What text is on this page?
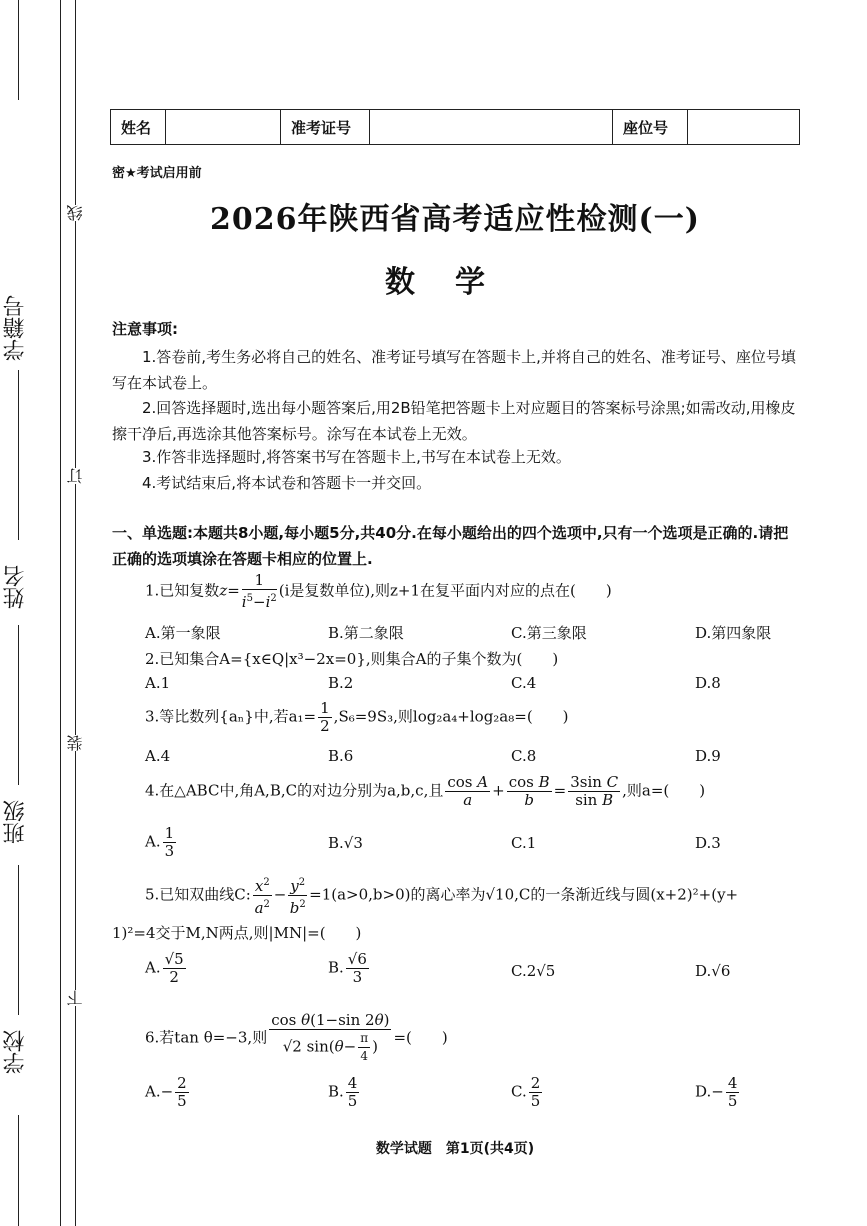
学籍号
姓名
班级
学校
线
订
装
下
姓名		准考证号		座位号	
密★考试启用前
2026年陕西省高考适应性检测(一)
数学
注意事项:
1.答卷前,考生务必将自己的姓名、准考证号填写在答题卡上,并将自己的姓名、准考证号、座位号填写在本试卷上。
2.回答选择题时,选出每小题答案后,用2B铅笔把答题卡上对应题目的答案标号涂黑;如需改动,用橡皮擦干净后,再选涂其他答案标号。涂写在本试卷上无效。
3.作答非选择题时,将答案书写在答题卡上,书写在本试卷上无效。
4.考试结束后,将本试卷和答题卡一并交回。
一、单选题:本题共8小题,每小题5分,共40分.在每小题给出的四个选项中,只有一个选项是正确的.请把正确的选项填涂在答题卡相应的位置上.
1.已知复数$z= \frac{1}{i^5-i^2} (i$是复数单位),则z+1在复平面内对应的点在(　　)
A.第一象限	B.第二象限	C.第三象限	D.第四象限
2.已知集合A={x∈Q|x³−2x=0},则集合A的子集个数为(　　)
A.1	B.2	C.4	D.8
3.等比数列{aₙ}中,若$a_1= \frac{1}{2} ,S_6=9S_3$,则log₂a₄+log₂a₈=(　　)
A.4	B.6	C.8	D.9
4.在△ABC中,角A,B,C的对边分别为a,b,c,且 $\frac{\text{cos A}}{a} + \frac{\text{cos B}}{b} = \frac{\text{3sin C}}{\text{sin B}}$ ,则a=(　　)
A. $\frac{1}{3}$	B.√3	C.1	D.3
5.已知双曲线C: $\frac{x^2}{a^2} - \frac{y^2}{b^2} =1(a>0,b>0)$的离心率为√10,C的一条渐近线与圆(x+2)²+(y+
1)²=4交于M,N两点,则|MN|=(　　)
A. $\frac{√5}{2}$	B. $\frac{√6}{3}$	C.2√5	D.√6
6.若tan θ=−3,则 $\frac{\text{cos θ(1−sin 2θ)}}{√2 \sin(\theta- \frac{\pi}{4} )}$ =(　　)
$A.- \frac{2}{5}$	B. $\frac{4}{5}$	C. $\frac{2}{5}$	$D.- \frac{4}{5}$
数学试题　第1页(共4页)
